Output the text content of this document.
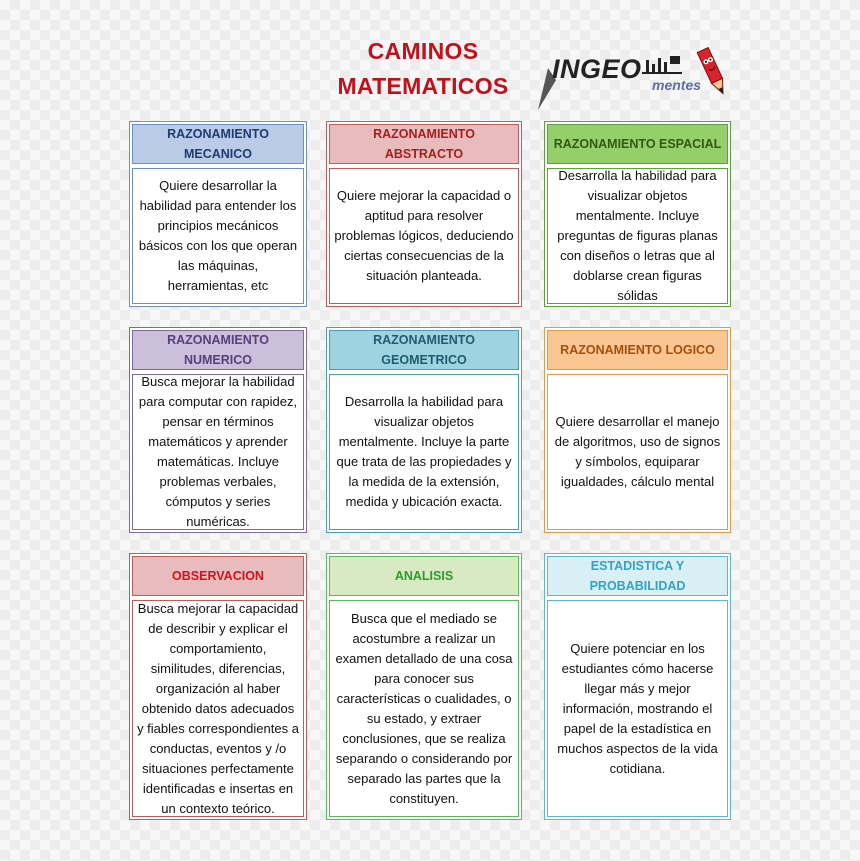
CAMINOS
MATEMATICOS
INGEO
mentes
RAZONAMIENTO MECANICO
Quiere desarrollar la habilidad para entender los principios mecánicos básicos con los que operan las máquinas, herramientas, etc
RAZONAMIENTO ABSTRACTO
Quiere mejorar la capacidad o aptitud para resolver problemas lógicos, deduciendo ciertas consecuencias de la situación planteada.
RAZONAMIENTO ESPACIAL
Desarrolla la habilidad para visualizar objetos mentalmente. Incluye preguntas de figuras planas con diseños o letras que al doblarse crean figuras sólidas
RAZONAMIENTO NUMERICO
Busca mejorar la habilidad para computar con rapidez, pensar en términos matemáticos y aprender matemáticas. Incluye problemas verbales, cómputos y series numéricas.
RAZONAMIENTO GEOMETRICO
Desarrolla la habilidad para visualizar objetos mentalmente. Incluye la parte que trata de las propiedades y la medida de la extensión, medida y ubicación exacta.
RAZONAMIENTO LOGICO
Quiere desarrollar el manejo de algoritmos, uso de signos y símbolos, equiparar igualdades, cálculo mental
OBSERVACION
Busca mejorar la capacidad de describir y explicar el comportamiento, similitudes, diferencias, organización al haber obtenido datos adecuados y fiables correspondientes a conductas, eventos y /o situaciones perfectamente identificadas e insertas en un contexto teórico.
ANALISIS
Busca que el mediado se acostumbre a realizar un examen detallado de una cosa para conocer sus características o cualidades, o su estado, y extraer conclusiones, que se realiza separando o considerando por separado las partes que la constituyen.
ESTADISTICA Y PROBABILIDAD
Quiere potenciar en los estudiantes cómo hacerse llegar más y mejor información, mostrando el papel de la estadística en muchos aspectos de la vida cotidiana.
